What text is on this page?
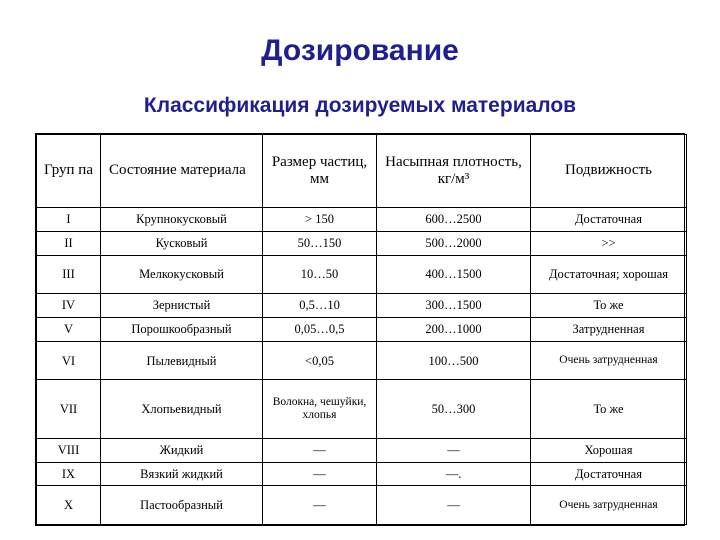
Дозирование
Классификация дозируемых материалов
Груп па	Состояние материала	Размер частиц, мм	Насыпная плотность, кг/м³	Подвижность
I	Крупнокусковый	> 150	600…2500	Достаточная
II	Кусковый	50…150	500…2000	>>
III	Мелкокусковый	10…50	400…1500	Достаточная; хорошая
IV	Зернистый	0,5…10	300…1500	То же
V	Порошкообразный	0,05…0,5	200…1000	Затрудненная
VI	Пылевидный	<0,05	100…500	Очень затрудненная
VII	Хлопьевидный	Волокна, чешуйки, хлопья	50…300	То же
VIII	Жидкий	—	—	Хорошая
IX	Вязкий жидкий	—	—.	Достаточная
X	Пастообразный	—	—	Очень затрудненная
